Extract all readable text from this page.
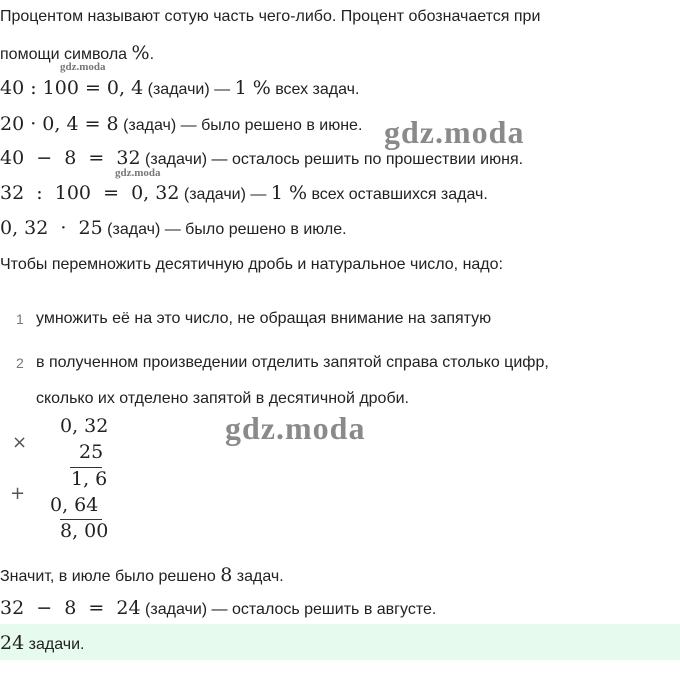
Процентом называют сотую часть чего-либо. Процент обозначается при
помощи символа %.
gdz.moda
gdz.moda
gdz.moda
gdz.moda
40 : 100 = 0, 4 (задачи) — 1 % всех задач.
20 · 0, 4 = 8 (задач) — было решено в июне.
40  −  8  =  32 (задачи) — осталось решить по прошествии июня.
32  :  100  =  0, 32 (задачи) — 1 % всех оставшихся задач.
0, 32  ·  25 (задач) — было решено в июле.
Чтобы перемножить десятичную дробь и натуральное число, надо:
1 умножить её на это число, не обращая внимание на запятую
2 в полученном произведении отделить запятой справа столько цифр,
сколько их отделено запятой в десятичной дроби.
×
0, 32
25
1, 6
+
0, 64
8, 00
Значит, в июле было решено 8 задач.
32  −  8  =  24 (задачи) — осталось решить в августе.
24 задачи.
